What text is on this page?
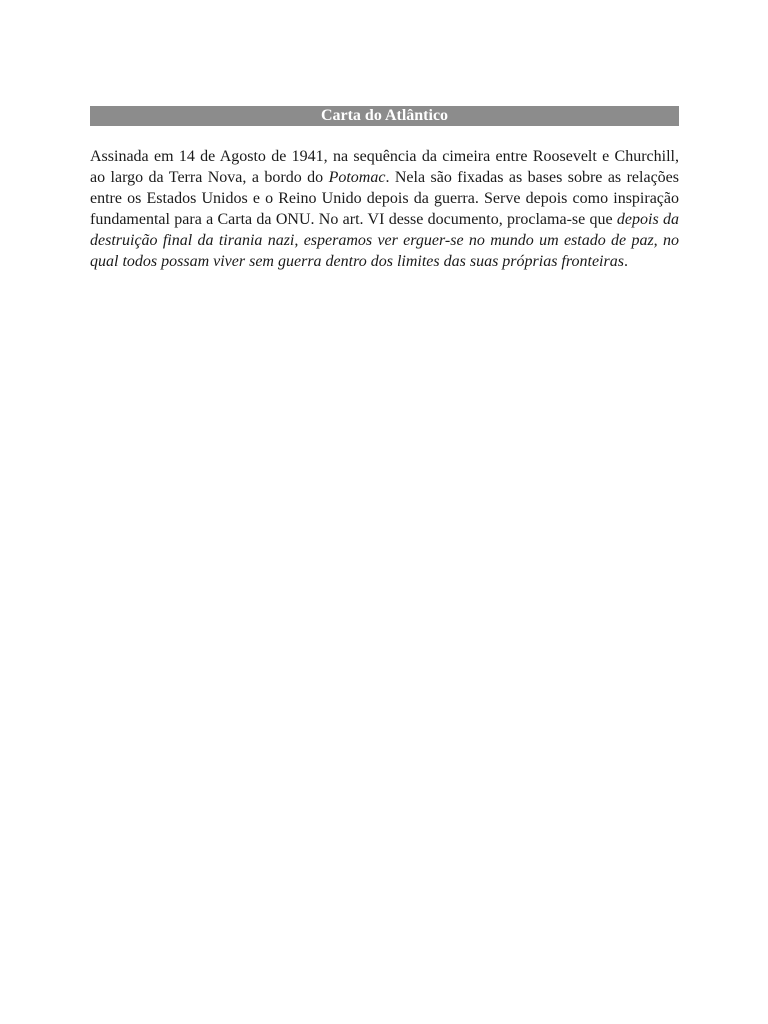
Carta do Atlântico

Assinada em 14 de Agosto de 1941, na sequência da cimeira entre Roosevelt e Churchill, ao largo da Terra Nova, a bordo do Potomac. Nela são fixadas as bases sobre as relações entre os Estados Unidos e o Reino Unido depois da guerra. Serve depois como inspiração fundamental para a Carta da ONU. No art. VI desse documento, proclama-se que depois da destruição final da tirania nazi, esperamos ver erguer-se no mundo um estado de paz, no qual todos possam viver sem guerra dentro dos limites das suas próprias fronteiras.
